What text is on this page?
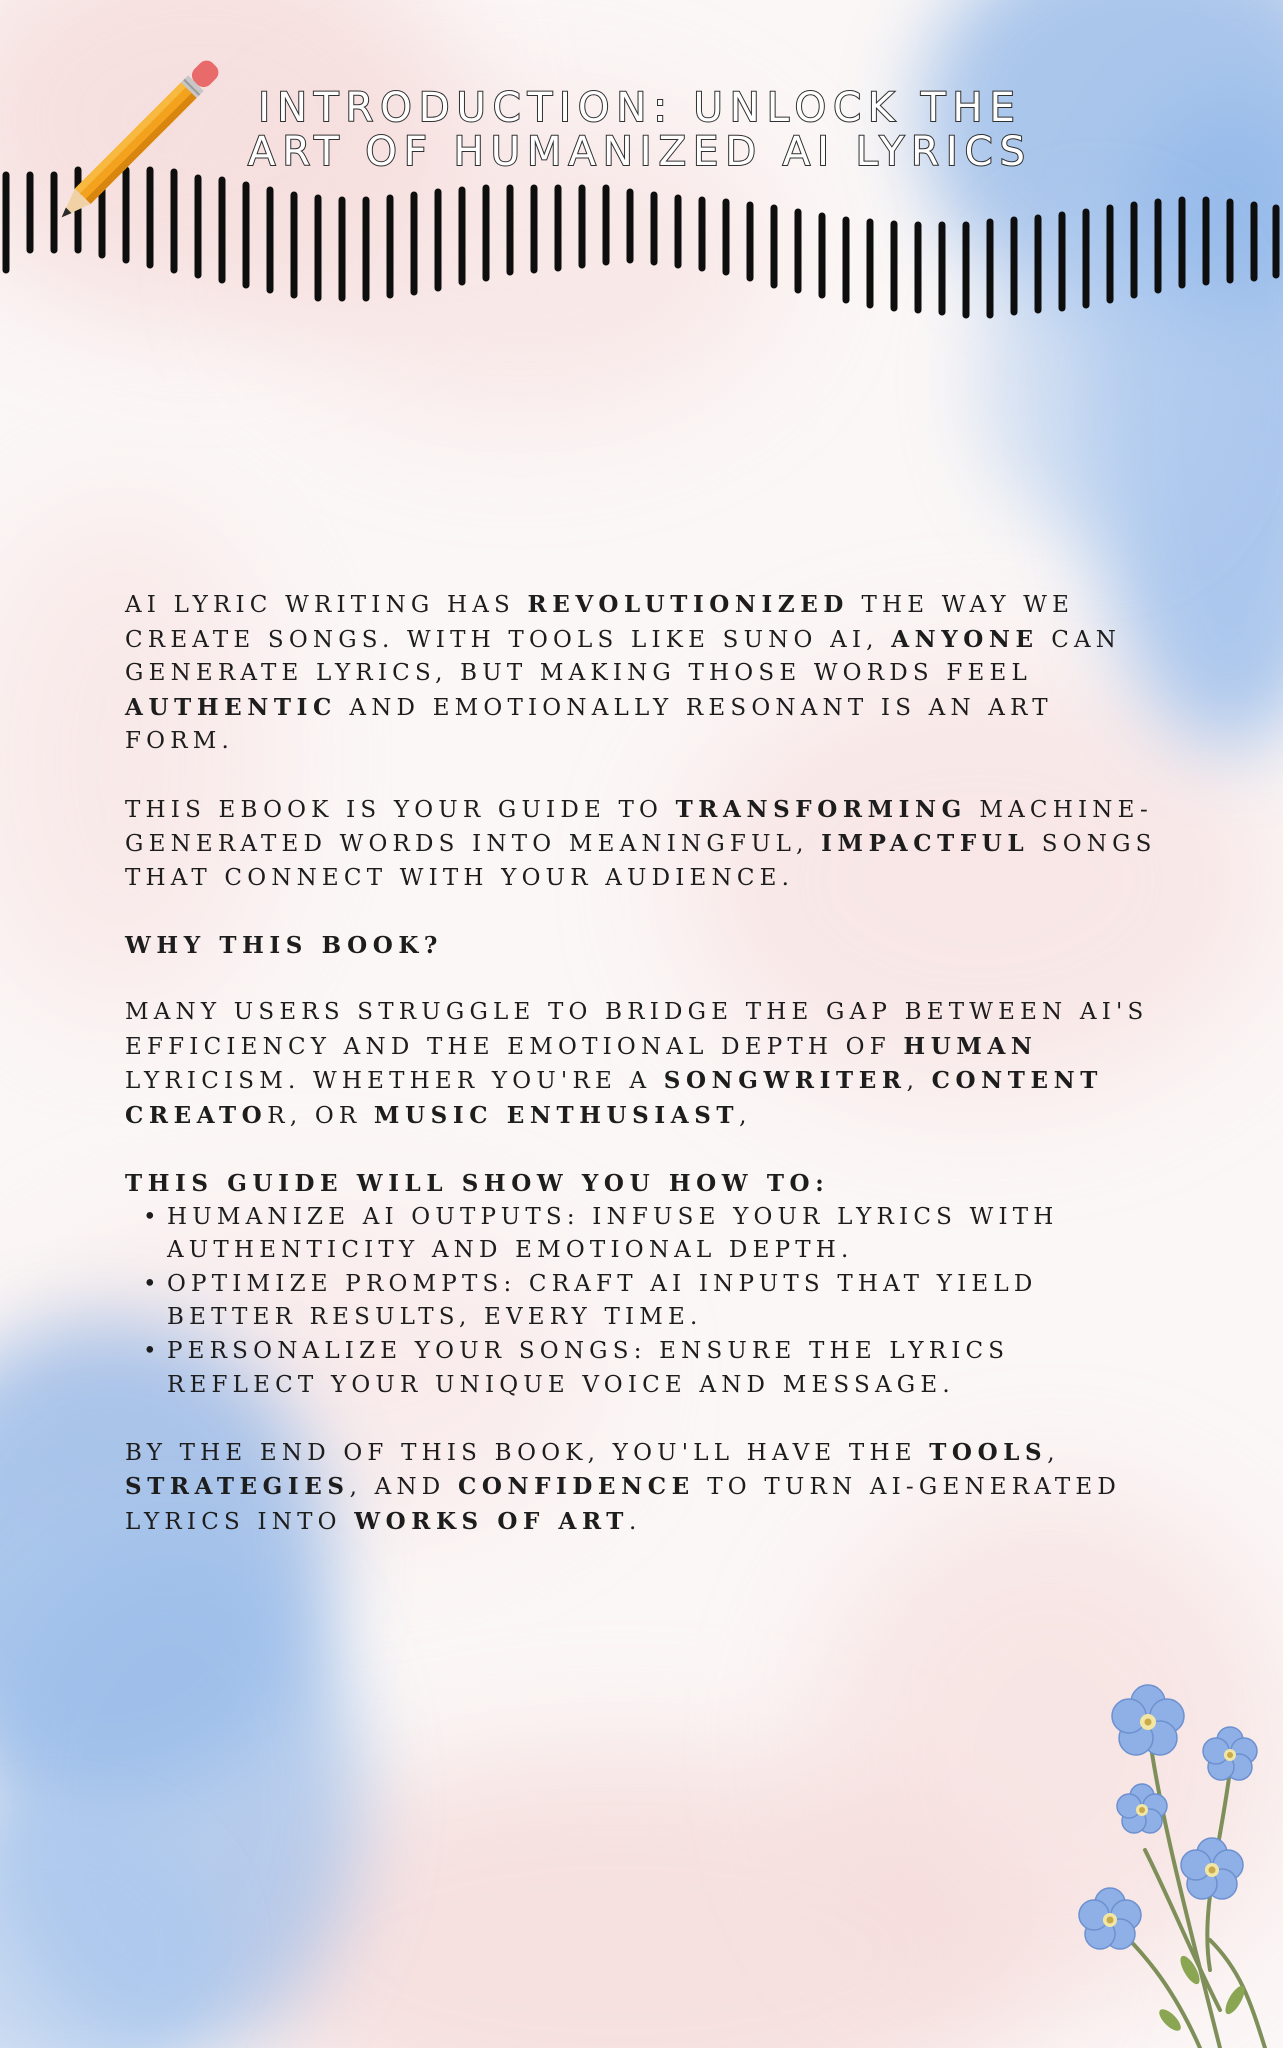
INTRODUCTION: UNLOCK THE
ART OF HUMANIZED AI LYRICS

AI LYRIC WRITING HAS REVOLUTIONIZED THE WAY WE CREATE SONGS. WITH TOOLS LIKE SUNO AI, ANYONE CAN GENERATE LYRICS, BUT MAKING THOSE WORDS FEEL AUTHENTIC AND EMOTIONALLY RESONANT IS AN ART FORM.

THIS EBOOK IS YOUR GUIDE TO TRANSFORMING MACHINE-GENERATED WORDS INTO MEANINGFUL, IMPACTFUL SONGS THAT CONNECT WITH YOUR AUDIENCE.

WHY THIS BOOK?

MANY USERS STRUGGLE TO BRIDGE THE GAP BETWEEN AI'S EFFICIENCY AND THE EMOTIONAL DEPTH OF HUMAN LYRICISM. WHETHER YOU'RE A SONGWRITER, CONTENT CREATOR, OR MUSIC ENTHUSIAST,

THIS GUIDE WILL SHOW YOU HOW TO:
• HUMANIZE AI OUTPUTS: INFUSE YOUR LYRICS WITH AUTHENTICITY AND EMOTIONAL DEPTH.
• OPTIMIZE PROMPTS: CRAFT AI INPUTS THAT YIELD BETTER RESULTS, EVERY TIME.
• PERSONALIZE YOUR SONGS: ENSURE THE LYRICS REFLECT YOUR UNIQUE VOICE AND MESSAGE.

BY THE END OF THIS BOOK, YOU'LL HAVE THE TOOLS, STRATEGIES, AND CONFIDENCE TO TURN AI-GENERATED LYRICS INTO WORKS OF ART.
